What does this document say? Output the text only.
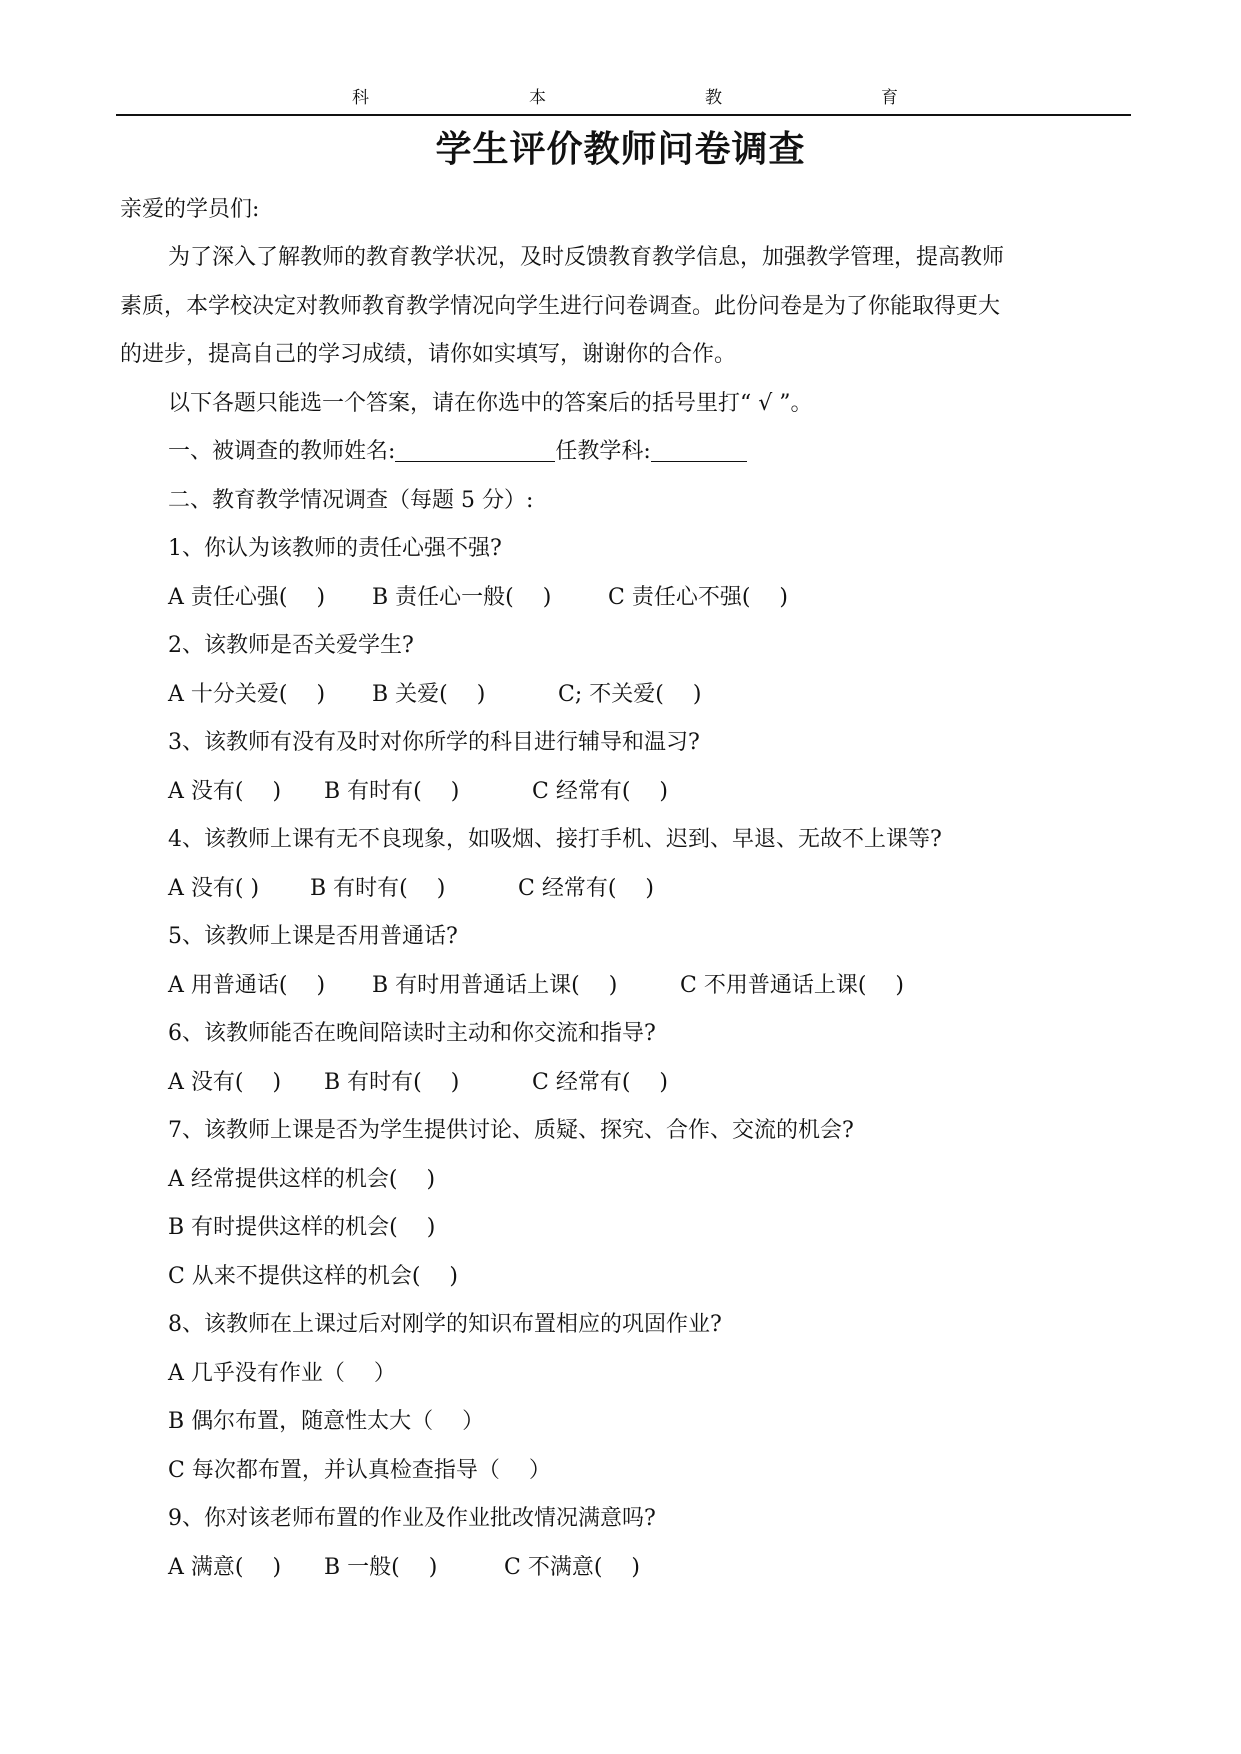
科	本	教	育
学生评价教师问卷调查
亲爱的学员们:
为了深入了解教师的教育教学状况，及时反馈教育教学信息，加强教学管理，提高教师
素质，本学校决定对教师教育教学情况向学生进行问卷调查。此份问卷是为了你能取得更大
的进步，提高自己的学习成绩，请你如实填写，谢谢你的合作。
以下各题只能选一个答案，请在你选中的答案后的括号里打“ √ ”。
一、被调查的教师姓名:	任教学科:
二、教育教学情况调查（每题 5 分）:
1、你认为该教师的责任心强不强?
A 责任心强(　 ) B 责任心一般(　 )	C 责任心不强(　 )
2、该教师是否关爱学生?
A 十分关爱(　 ) B 关爱(　 )	C; 不关爱(　 )
3、该教师有没有及时对你所学的科目进行辅导和温习?
A 没有(　 ) B 有时有(　 )	C 经常有(　 )
4、该教师上课有无不良现象，如吸烟、接打手机、迟到、早退、无故不上课等?
A 没有( ) B 有时有(　 )	C 经常有(　 )
5、该教师上课是否用普通话?
A 用普通话(　 ) B 有时用普通话上课(　 )	C 不用普通话上课(　 )
6、该教师能否在晚间陪读时主动和你交流和指导?
A 没有(　 ) B 有时有(　 )	C 经常有(　 )
7、该教师上课是否为学生提供讨论、质疑、探究、合作、交流的机会?
A 经常提供这样的机会(　 )
B 有时提供这样的机会(　 )
C 从来不提供这样的机会(　 )
8、该教师在上课过后对刚学的知识布置相应的巩固作业?
A 几乎没有作业（　 ）
B 偶尔布置，随意性太大（　 ）
C 每次都布置，并认真检查指导（　 ）
9、你对该老师布置的作业及作业批改情况满意吗?
A 满意(　 ) B 一般(　 )	C 不满意(　 )
